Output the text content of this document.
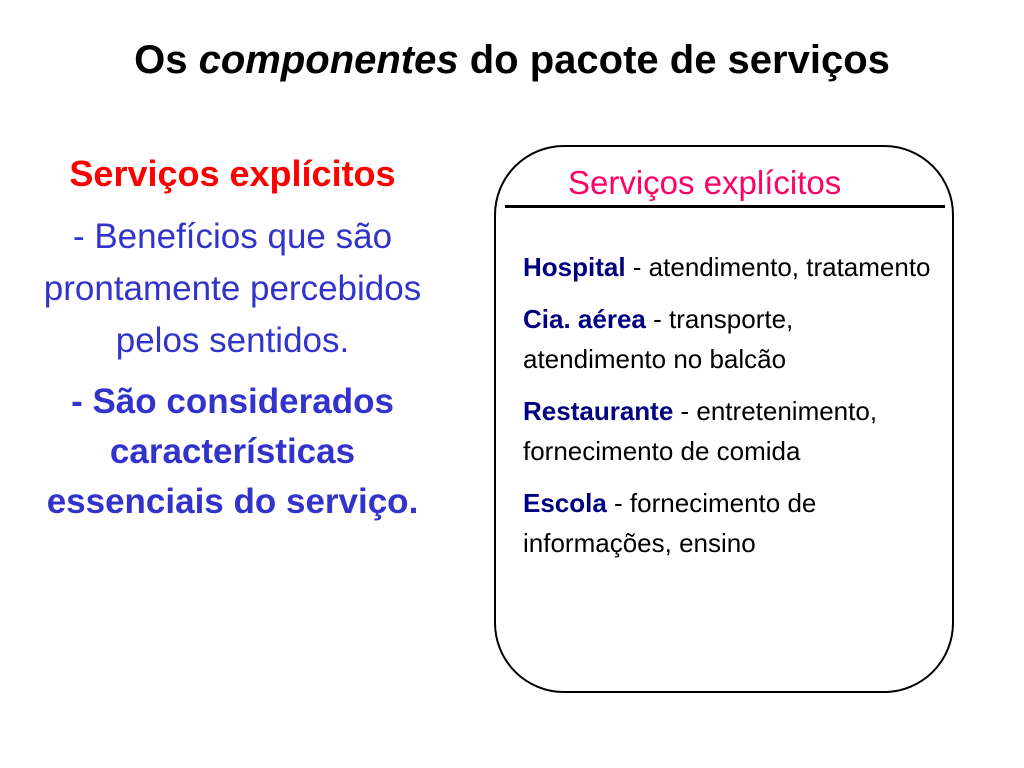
Os componentes do pacote de serviços
Serviços explícitos
- Benefícios que são prontamente percebidos pelos sentidos.
- São considerados características essenciais do serviço.
Serviços explícitos
Hospital - atendimento, tratamento
Cia. aérea - transporte, atendimento no balcão
Restaurante - entretenimento, fornecimento de comida
Escola - fornecimento de informações, ensino
